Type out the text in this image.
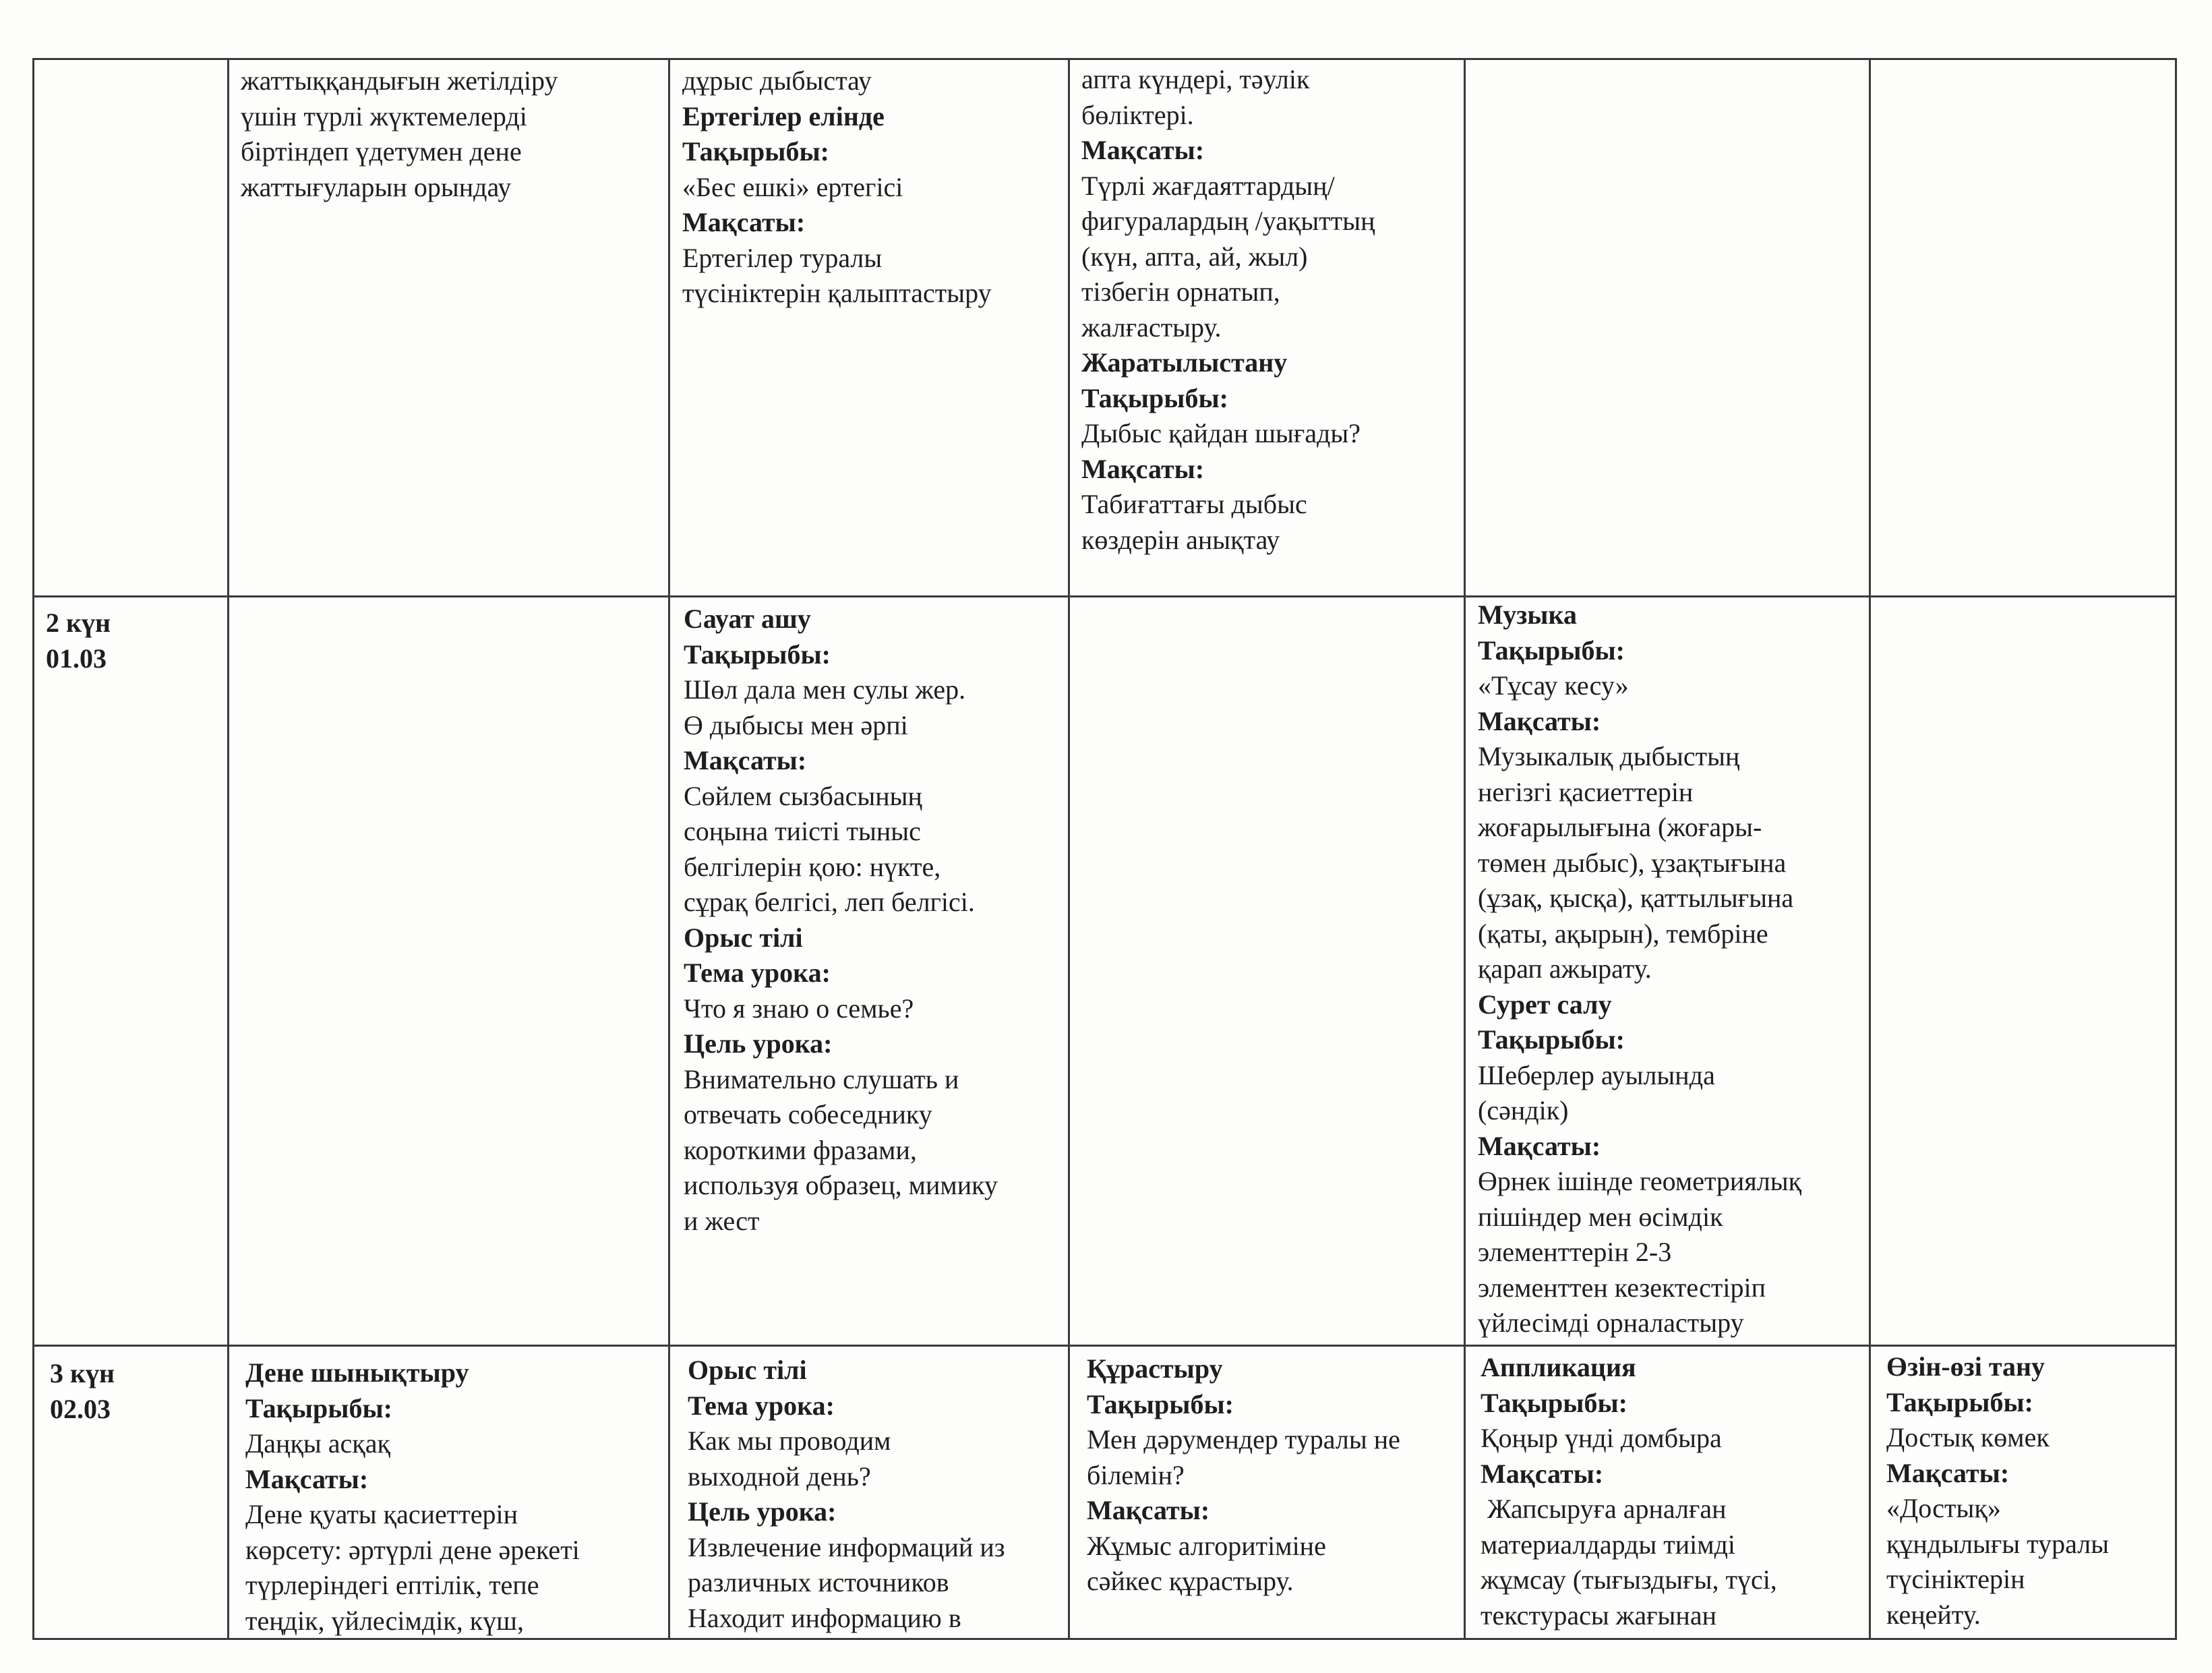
жаттыққандығын жетілдіру
үшін түрлі жүктемелерді
біртіндеп үдетумен дене
жаттығуларын орындау
дұрыс дыбыстау
Ертегілер елінде
Тақырыбы:
«Бес ешкі» ертегісі
Мақсаты:
Ертегілер туралы
түсініктерін қалыптастыру
апта күндері, тәулік
бөліктері.
Мақсаты:
Түрлі жағдаяттардың/
фигуралардың /уақыттың
(күн, апта, ай, жыл)
тізбегін орнатып,
жалғастыру.
Жаратылыстану
Тақырыбы:
Дыбыс қайдан шығады?
Мақсаты:
Табиғаттағы дыбыс
көздерін анықтау
2 күн
01.03
Сауат ашу
Тақырыбы:
Шөл дала мен сулы жер.
Ө дыбысы мен әрпі
Мақсаты:
Сөйлем сызбасының
соңына тиісті тыныс
белгілерін қою: нүкте,
сұрақ белгісі, леп белгісі.
Орыс тілі
Тема урока:
Что я знаю о семье?
Цель урока:
Внимательно слушать и
отвечать собеседнику
короткими фразами,
используя образец, мимику
и жест
Музыка
Тақырыбы:
«Тұсау кесу»
Мақсаты:
Музыкалық дыбыстың
негізгі қасиеттерін
жоғарылығына (жоғары-
төмен дыбыс), ұзақтығына
(ұзақ, қысқа), қаттылығына
(қаты, ақырын), тембріне
қарап ажырату.
Сурет салу
Тақырыбы:
Шеберлер ауылында
(сәндік)
Мақсаты:
Өрнек ішінде геометриялық
пішіндер мен өсімдік
элементтерін 2-3
элементтен кезектестіріп
үйлесімді орналастыру
3 күн
02.03
Дене шынықтыру
Тақырыбы:
Даңқы асқақ
Мақсаты:
Дене қуаты қасиеттерін
көрсету: әртүрлі дене әрекеті
түрлеріндегі ептілік, тепе
теңдік, үйлесімдік, күш,
Орыс тілі
Тема урока:
Как мы проводим
выходной день?
Цель урока:
Извлечение информаций из
различных источников
Находит информацию в
Құрастыру
Тақырыбы:
Мен дәрумендер туралы не
білемін?
Мақсаты:
Жұмыс алгоритіміне
сәйкес құрастыру.
Аппликация
Тақырыбы:
Қоңыр үнді домбыра
Мақсаты:
Жапсыруға арналған
материалдарды тиімді
жұмсау (тығыздығы, түсі,
текстурасы жағынан
Өзін-өзі тану
Тақырыбы:
Достық көмек
Мақсаты:
«Достық»
құндылығы туралы
түсініктерін
кеңейту.
